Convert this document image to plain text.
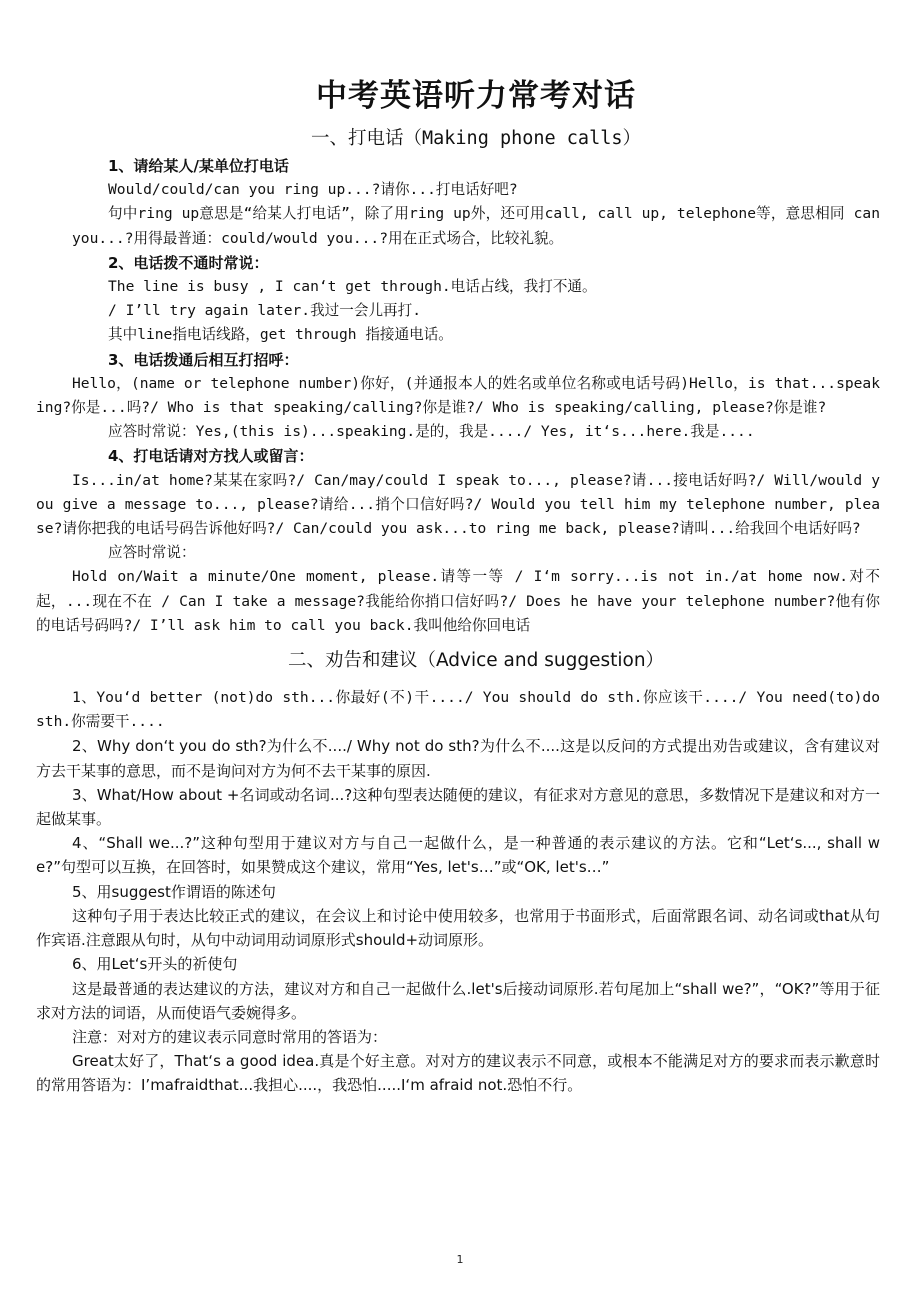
中考英语听力常考对话
一、打电话（Making phone calls）

1、请给某人/某单位打电话

Would/could/can you ring up...?请你...打电话好吧?

句中ring up意思是“给某人打电话”，除了用ring up外，还可用call, call up, telephone等，意思相同 can you...?用得最普通：could/would you...?用在正式场合，比较礼貌。

2、电话拨不通时常说：

The line is busy , I can‘t get through.电话占线，我打不通。

/ I’ll try again later.我过一会儿再打.

其中line指电话线路，get through 指接通电话。

3、电话拨通后相互打招呼：

Hello，(name or telephone number)你好，(并通报本人的姓名或单位名称或电话号码)Hello，is that...speaking?你是...吗?/ Who is that speaking/calling?你是谁?/ Who is speaking/calling, please?你是谁?

应答时常说：Yes,(this is)...speaking.是的，我是..../ Yes, it‘s...here.我是....

4、打电话请对方找人或留言：

Is...in/at home?某某在家吗?/ Can/may/could I speak to..., please?请...接电话好吗?/ Will/would you give a message to..., please?请给...捎个口信好吗?/ Would you tell him my telephone number, please?请你把我的电话号码告诉他好吗?/ Can/could you ask...to ring me back, please?请叫...给我回个电话好吗?

应答时常说：

Hold on/Wait a minute/One moment, please.请等一等 / I‘m sorry...is not in./at home now.对不起，...现在不在 / Can I take a message?我能给你捎口信好吗?/ Does he have your telephone number?他有你的电话号码吗?/ I’ll ask him to call you back.我叫他给你回电话

二、劝告和建议（Advice and suggestion）

1、You‘d better (not)do sth...你最好(不)干..../ You should do sth.你应该干..../ You need(to)do sth.你需要干....

2、Why don‘t you do sth?为什么不..../ Why not do sth?为什么不....这是以反问的方式提出劝告或建议，含有建议对方去干某事的意思，而不是询问对方为何不去干某事的原因.

3、What/How about +名词或动名词...?这种句型表达随便的建议，有征求对方意见的意思，多数情况下是建议和对方一起做某事。

4、“Shall we...?”这种句型用于建议对方与自己一起做什么，是一种普通的表示建议的方法。它和“Let‘s..., shall we?”句型可以互换，在回答时，如果赞成这个建议，常用“Yes, let's…”或“OK, let's…”

5、用suggest作谓语的陈述句

这种句子用于表达比较正式的建议，在会议上和讨论中使用较多，也常用于书面形式，后面常跟名词、动名词或that从句作宾语.注意跟从句时，从句中动词用动词原形式should+动词原形。

6、用Let‘s开头的祈使句

这是最普通的表达建议的方法，建议对方和自己一起做什么.let's后接动词原形.若句尾加上“shall we?”，“OK?”等用于征求对方法的词语，从而使语气委婉得多。

注意：对对方的建议表示同意时常用的答语为：

Great太好了，That‘s a good idea.真是个好主意。对对方的建议表示不同意，或根本不能满足对方的要求而表示歉意时的常用答语为：I’mafraidthat...我担心....，我恐怕.....I‘m afraid not.恐怕不行。

1
